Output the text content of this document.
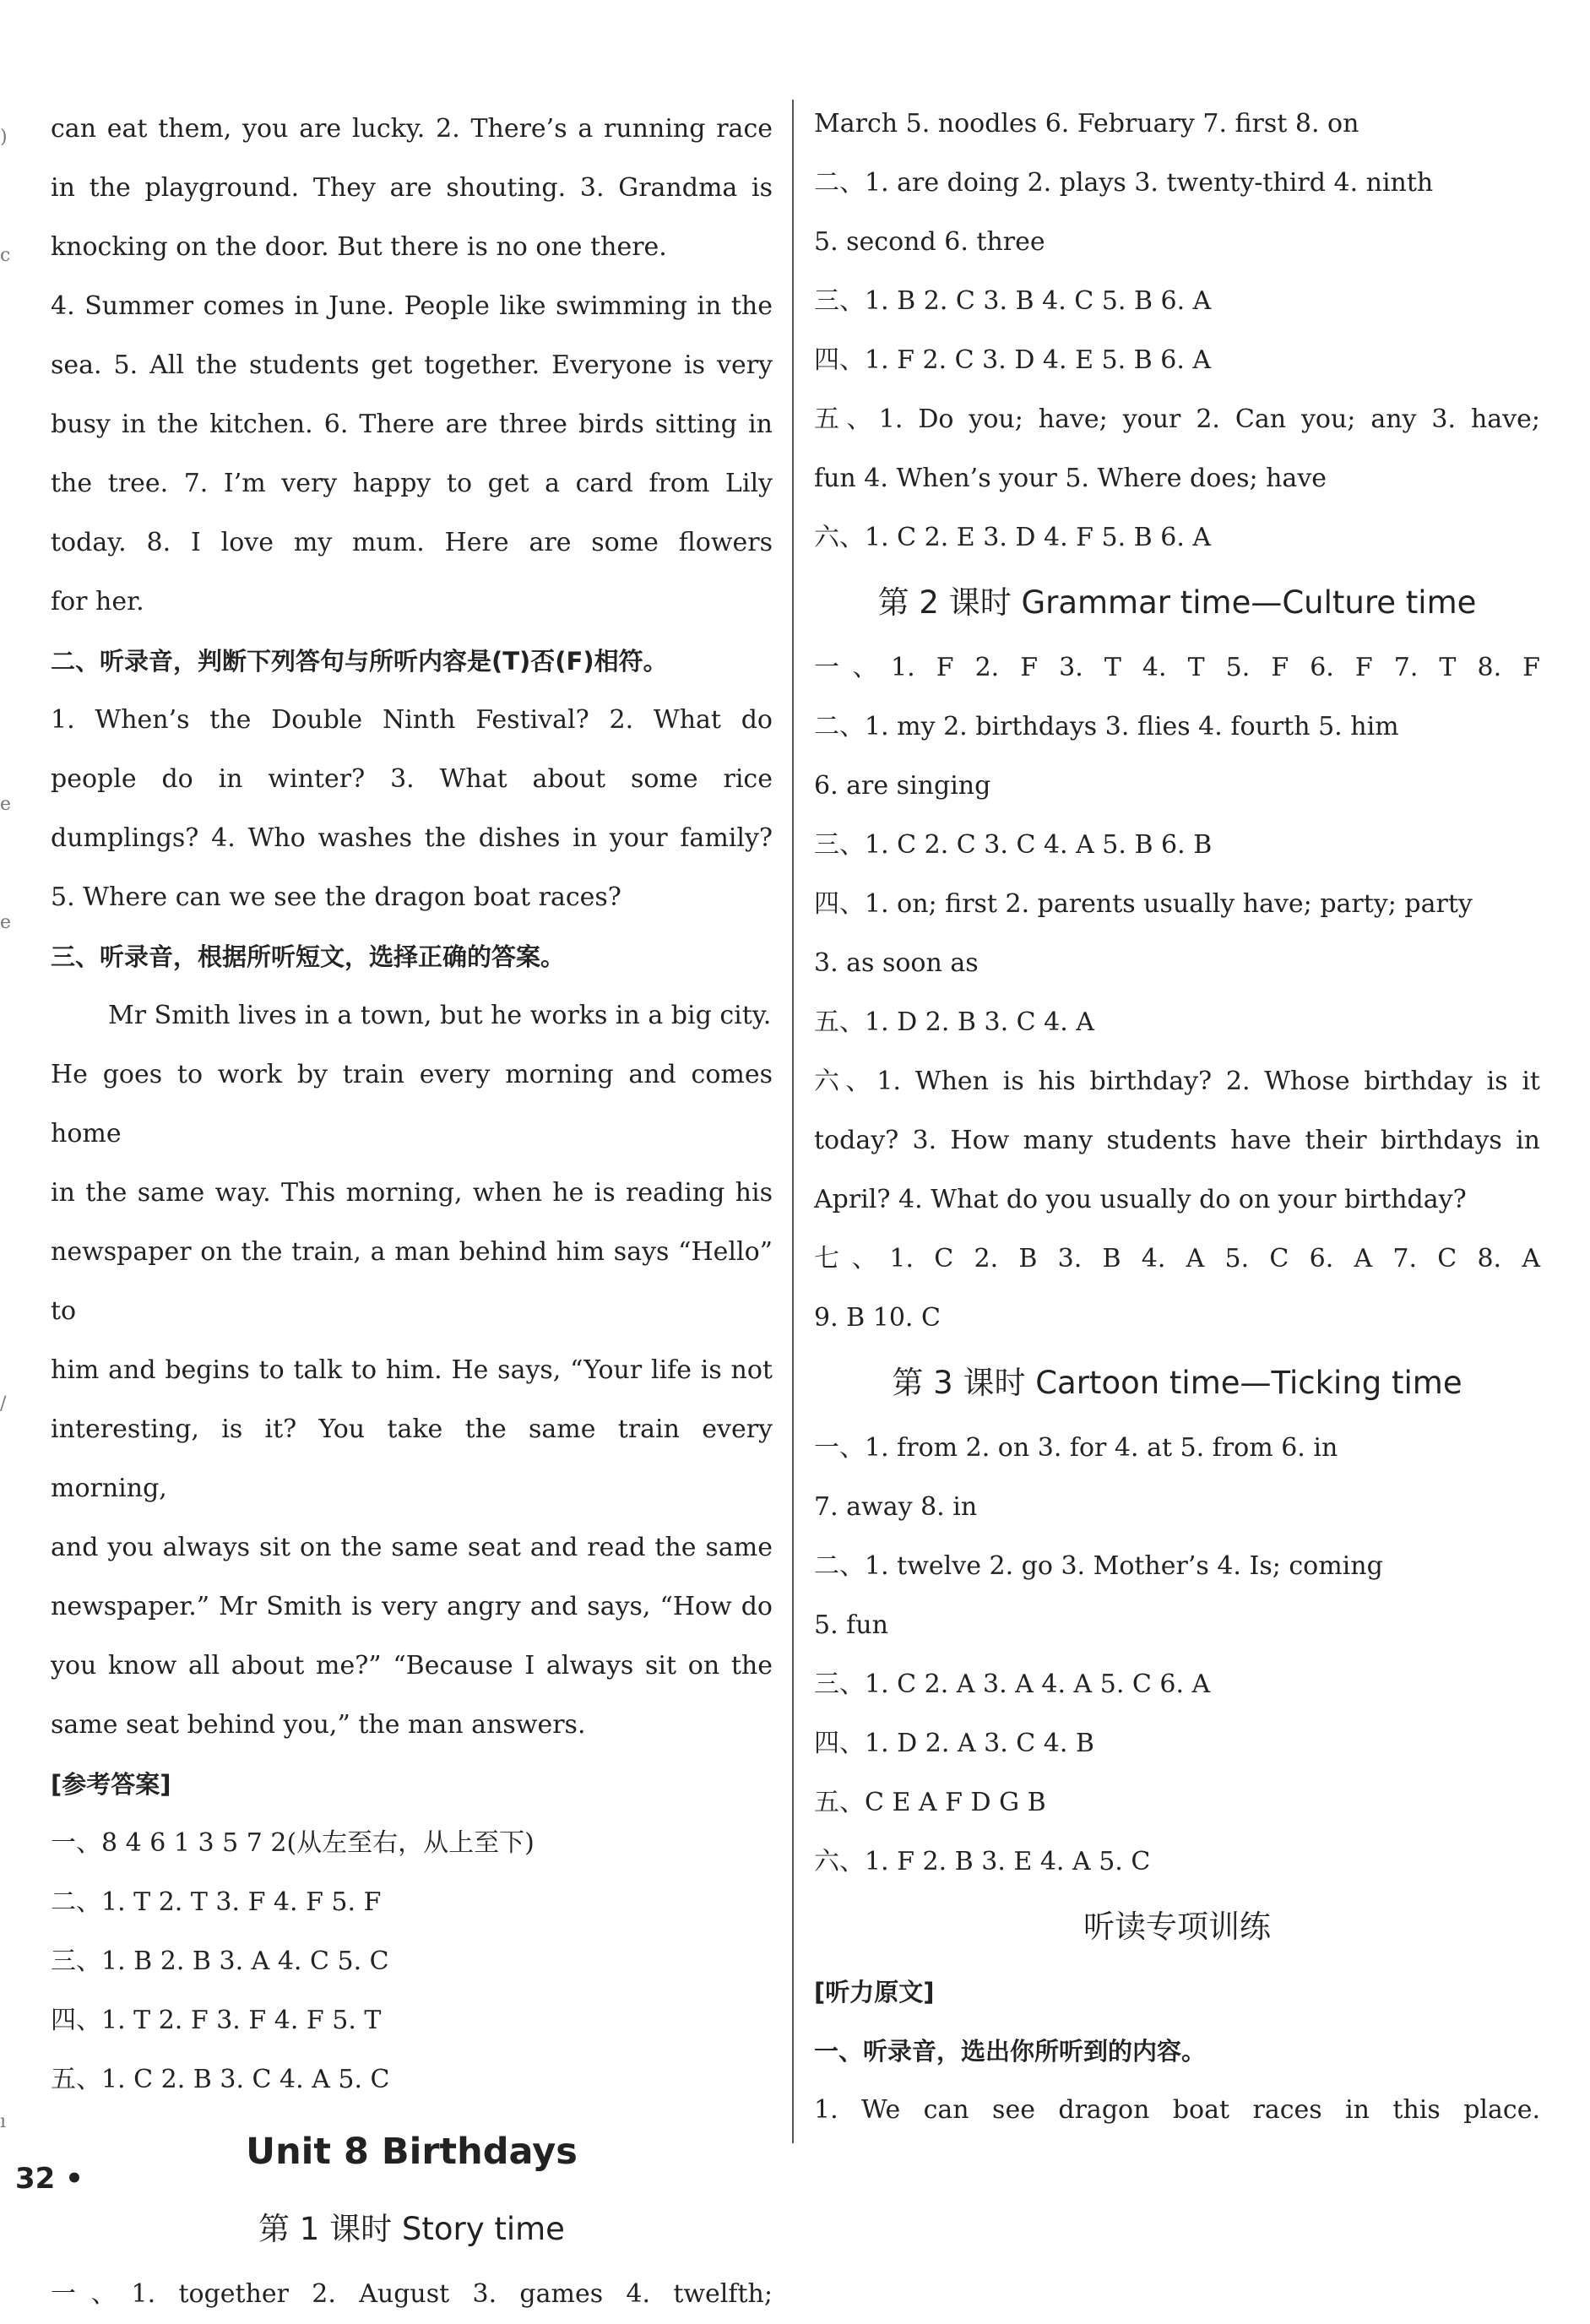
)
c
e
e
/
ı
can eat them, you are lucky. 2. There’s a running race
in the playground. They are shouting. 3. Grandma is
knocking on the door. But there is no one there.
4. Summer comes in June. People like swimming in the
sea. 5. All the students get together. Everyone is very
busy in the kitchen. 6. There are three birds sitting in
the tree. 7. I’m very happy to get a card from Lily
today. 8. I love my mum. Here are some flowers
for her.
二、听录音，判断下列答句与所听内容是(T)否(F)相符。
1. When’s the Double Ninth Festival? 2. What do
people do in winter? 3. What about some rice
dumplings? 4. Who washes the dishes in your family?
5. Where can we see the dragon boat races?
三、听录音，根据所听短文，选择正确的答案。
Mr Smith lives in a town, but he works in a big city.
He goes to work by train every morning and comes home
in the same way. This morning, when he is reading his
newspaper on the train, a man behind him says “Hello” to
him and begins to talk to him. He says, “Your life is not
interesting, is it? You take the same train every morning,
and you always sit on the same seat and read the same
newspaper.” Mr Smith is very angry and says, “How do
you know all about me?” “Because I always sit on the
same seat behind you,” the man answers.
[参考答案]
一、8 4 6 1 3 5 7 2(从左至右，从上至下)
二、1. T 2. T 3. F 4. F 5. F
三、1. B 2. B 3. A 4. C 5. C
四、1. T 2. F 3. F 4. F 5. T
五、1. C 2. B 3. C 4. A 5. C
Unit 8 Birthdays
第 1 课时 Story time
一、1. together 2. August 3. games 4. twelfth;
March 5. noodles 6. February 7. first 8. on
二、1. are doing 2. plays 3. twenty-third 4. ninth
5. second 6. three
三、1. B 2. C 3. B 4. C 5. B 6. A
四、1. F 2. C 3. D 4. E 5. B 6. A
五、1. Do you; have; your 2. Can you; any 3. have;
fun 4. When’s your 5. Where does; have
六、1. C 2. E 3. D 4. F 5. B 6. A
第 2 课时 Grammar time—Culture time
一、1. F 2. F 3. T 4. T 5. F 6. F 7. T 8. F
二、1. my 2. birthdays 3. flies 4. fourth 5. him
6. are singing
三、1. C 2. C 3. C 4. A 5. B 6. B
四、1. on; first 2. parents usually have; party; party
3. as soon as
五、1. D 2. B 3. C 4. A
六、1. When is his birthday? 2. Whose birthday is it
today? 3. How many students have their birthdays in
April? 4. What do you usually do on your birthday?
七、1. C 2. B 3. B 4. A 5. C 6. A 7. C 8. A
9. B 10. C
第 3 课时 Cartoon time—Ticking time
一、1. from 2. on 3. for 4. at 5. from 6. in
7. away 8. in
二、1. twelve 2. go 3. Mother’s 4. Is; coming
5. fun
三、1. C 2. A 3. A 4. A 5. C 6. A
四、1. D 2. A 3. C 4. B
五、C E A F D G B
六、1. F 2. B 3. E 4. A 5. C
听读专项训练
[听力原文]
一、听录音，选出你所听到的内容。
1. We can see dragon boat races in this place.
32 •
